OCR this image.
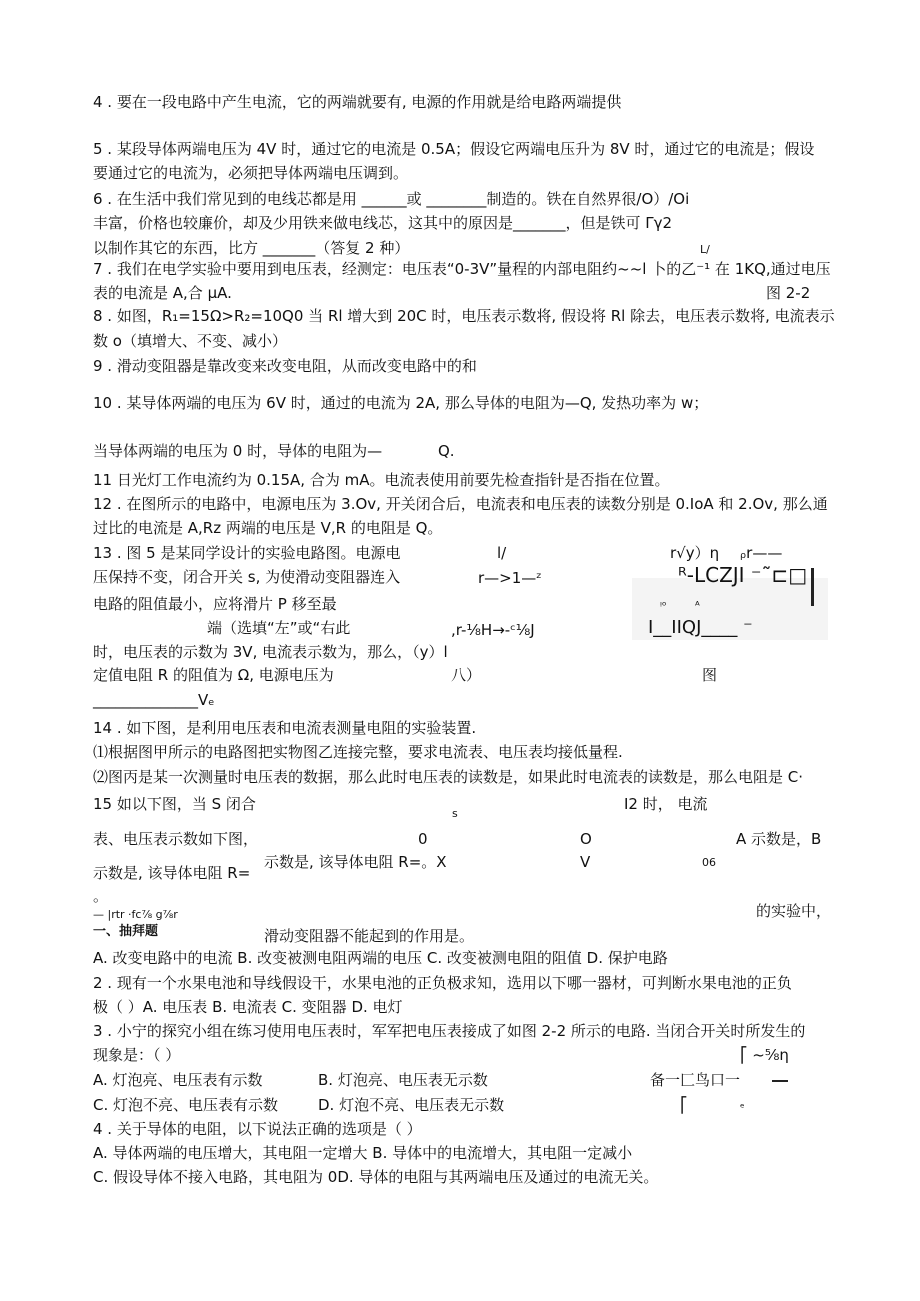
4 . 要在一段电路中产生电流，它的两端就要有, 电源的作用就是给电路两端提供
5 . 某段导体两端电压为 4V 时，通过它的电流是 0.5A；假设它两端电压升为 8V 时，通过它的电流是；假设
要通过它的电流为，必须把导体两端电压调到。
6 . 在生活中我们常见到的电线芯都是用 ______或 ________制造的。铁在自然界很/O）/Oi
丰富，价格也较廉价，却及少用铁来做电线芯，这其中的原因是_______，但是铁可 Γγ2
以制作其它的东西，比方 _______（答复 2 种）	L/
7 . 我们在电学实验中要用到电压表，经测定：电压表“0-3V”量程的内部电阻约~~l 卜的乙⁻¹ 在 1KQ,通过电压
表的电流是 A,合 μA.	图 2-2
8 . 如图，R₁=15Ω>R₂=10Q0 当 Rl 增大到 20C 时，电压表示数将, 假设将 Rl 除去，电压表示数将, 电流表示
数 o（填增大、不变、减小）
9 . 滑动变阻器是靠改变来改变电阻，从而改变电路中的和
10 . 某导体两端的电压为 6V 时，通过的电流为 2A, 那么导体的电阻为—Q, 发热功率为 w；
当导体两端的电压为 0 时，导体的电阻为—	Q.
11 日光灯工作电流约为 0.15A, 合为 mA。电流表使用前要先检查指针是否指在位置。
12 . 在图所示的电路中，电源电压为 3.Ov, 开关闭合后，电流表和电压表的读数分别是 0.IoA 和 2.Ov, 那么通
过比的电流是 A,Rz 两端的电压是 V,R 的电阻是 Q。
13 . 图 5 是某同学设计的实验电路图。电源电
压保持不变，闭合开关 s, 为使滑动变阻器连入
电路的阻值最小，应将滑片 P 移至最
端（选填“左”或“右此
时，电压表的示数为 3V, 电流表示数为，那么，（y）l
定值电阻 R 的阻值为 Ω, 电源电压为
______________Vₑ
l/	r√y）η ᵨr——
r—>1—ᶻ	ᴿ-LCZJI ⁻˜⊏□
ᵎᵒ	ᴬ
,r-⅛H→-ᶜ⅛J	I__IIQJ____ ⁻
八）	图
14 . 如下图，是利用电压表和电流表测量电阻的实验装置.
⑴根据图甲所示的电路图把实物图乙连接完整，要求电流表、电压表均接低量程.
⑵图丙是某一次测量时电压表的数据，那么此时电压表的读数是，如果此时电流表的读数是，那么电阻是 C·
15 如以下图，当 S 闭合
s
I2 时， 电流
表、电压表示数如下图，	0	O	A 示数是，B
示数是, 该导体电阻 R=
示数是, 该导体电阻 R=。X	V	06
。
— |rtr ·fc⅞ g⅞r	的实验中，
一、抽拜题	滑动变阻器不能起到的作用是。
A. 改变电路中的电流 B. 改变被测电阻两端的电压 C. 改变被测电阻的阻值 D. 保护电路
2 . 现有一个水果电池和导线假设干，水果电池的正负极求知，选用以下哪一器材，可判断水果电池的正负
极（ ）A. 电压表 B. 电流表 C. 变阻器 D. 电灯
3 . 小宁的探究小组在练习使用电压表时，军军把电压表接成了如图 2-2 所示的电路. 当闭合开关时所发生的
现象是：（ ）
A. 灯泡亮、电压表有示数	B. 灯泡亮、电压表无示数
C. 灯泡不亮、电压表有示数	D. 灯泡不亮、电压表无示数
⎡ ~⅝η
备一匚鸟口一
⎡	ᵉ
4 . 关于导体的电阻，以下说法正确的选项是（ ）
A. 导体两端的电压增大，其电阻一定增大 B. 导体中的电流增大，其电阻一定减小
C. 假设导体不接入电路，其电阻为 0D. 导体的电阻与其两端电压及通过的电流无关。
